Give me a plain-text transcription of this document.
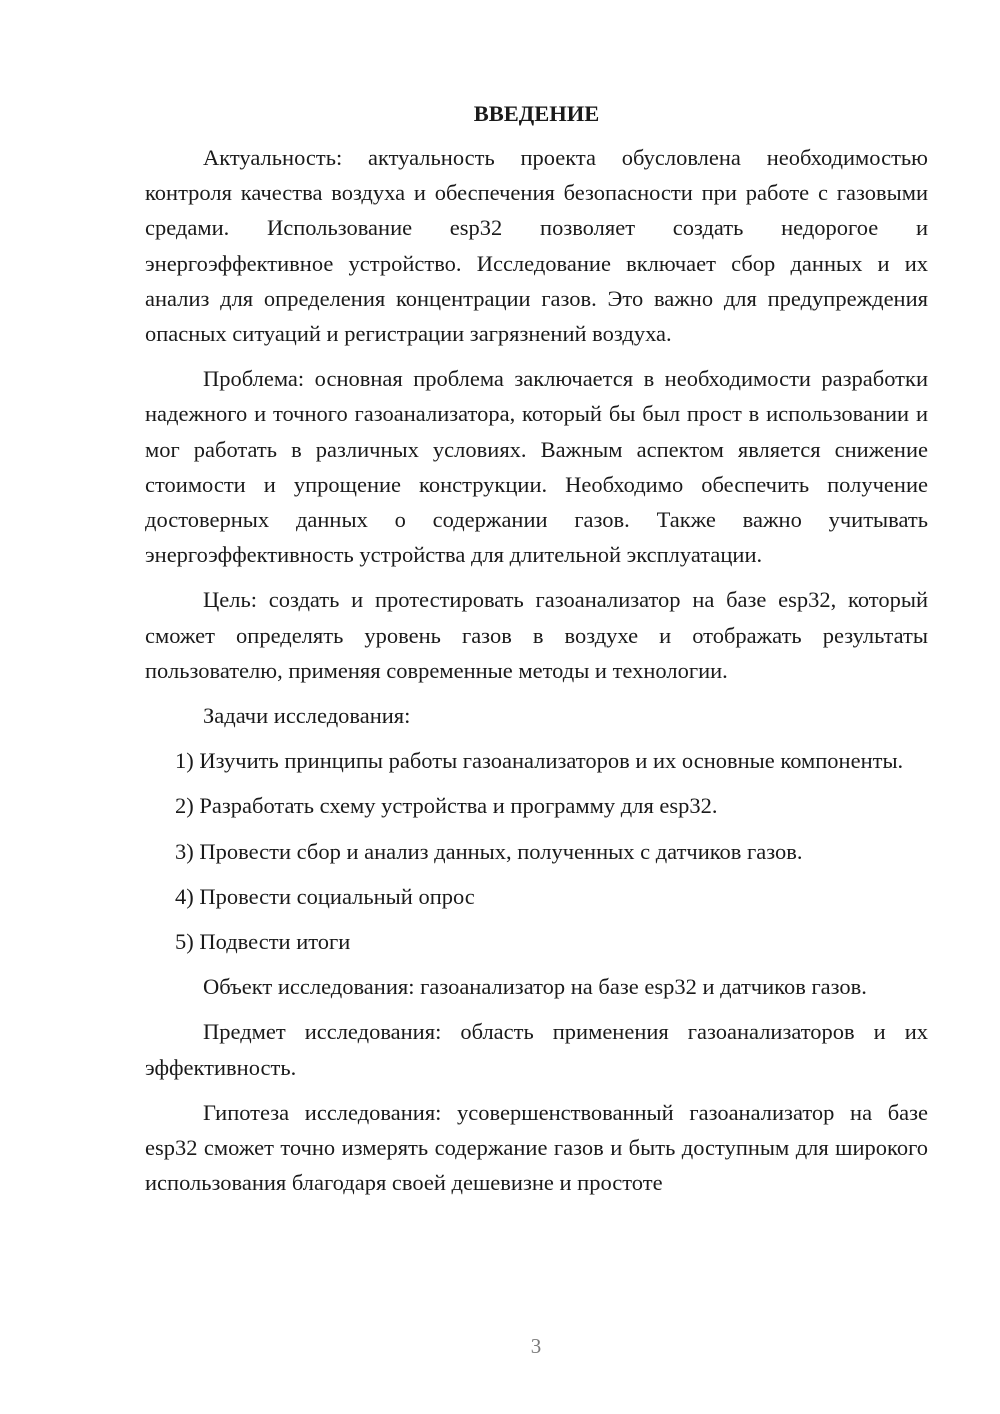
ВВЕДЕНИЕ

Актуальность: актуальность проекта обусловлена необходимостью контроля качества воздуха и обеспечения безопасности при работе с газовыми средами. Использование esp32 позволяет создать недорогое и энергоэффективное устройство. Исследование включает сбор данных и их анализ для определения концентрации газов. Это важно для предупреждения опасных ситуаций и регистрации загрязнений воздуха.

Проблема: основная проблема заключается в необходимости разработки надежного и точного газоанализатора, который бы был прост в использовании и мог работать в различных условиях. Важным аспектом является снижение стоимости и упрощение конструкции. Необходимо обеспечить получение достоверных данных о содержании газов. Также важно учитывать энергоэффективность устройства для длительной эксплуатации.

Цель: создать и протестировать газоанализатор на базе esp32, который сможет определять уровень газов в воздухе и отображать результаты пользователю, применяя современные методы и технологии.

Задачи исследования:

1) Изучить принципы работы газоанализаторов и их основные компоненты.

2) Разработать схему устройства и программу для esp32.

3) Провести сбор и анализ данных, полученных с датчиков газов.

4) Провести социальный опрос

5) Подвести итоги

Объект исследования: газоанализатор на базе esp32 и датчиков газов.

Предмет исследования: область применения газоанализаторов и их эффективность.

Гипотеза исследования: усовершенствованный газоанализатор на базе esp32 сможет точно измерять содержание газов и быть доступным для широкого использования благодаря своей дешевизне и простоте

3
